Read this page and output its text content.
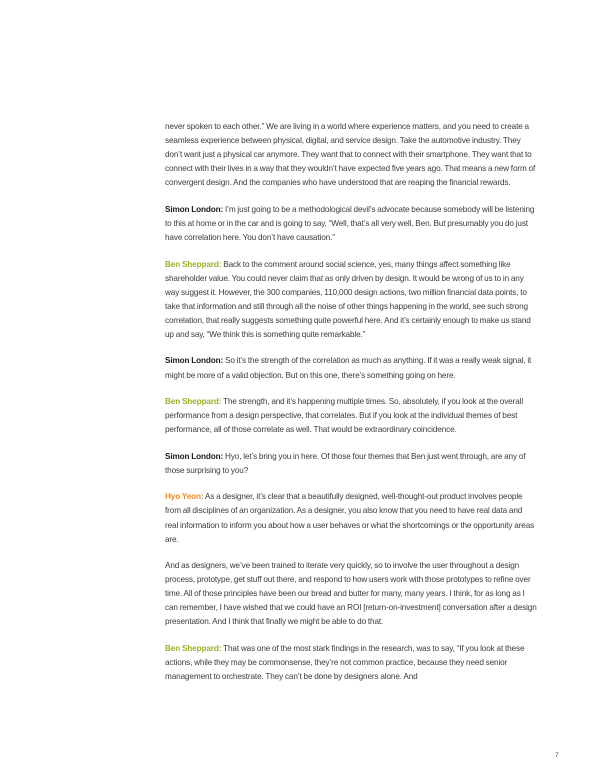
never spoken to each other.” We are living in a world where experience matters, and you need to create a seamless experience between physical, digital, and service design. Take the automotive industry. They don’t want just a physical car anymore. They want that to connect with their smartphone. They want that to connect with their lives in a way that they wouldn’t have expected five years ago. That means a new form of convergent design. And the companies who have understood that are reaping the financial rewards.

Simon London: I’m just going to be a methodological devil’s advocate because somebody will be listening to this at home or in the car and is going to say, “Well, that’s all very well, Ben. But presumably you do just have correlation here. You don’t have causation.”

Ben Sheppard: Back to the comment around social science, yes, many things affect something like shareholder value. You could never claim that as only driven by design. It would be wrong of us to in any way suggest it. However, the 300 companies, 110,000 design actions, two million financial data points, to take that information and still through all the noise of other things happening in the world, see such strong correlation, that really suggests something quite powerful here. And it’s certainly enough to make us stand up and say, “We think this is something quite remarkable.”

Simon London: So it’s the strength of the correlation as much as anything. If it was a really weak signal, it might be more of a valid objection. But on this one, there’s something going on here.

Ben Sheppard: The strength, and it’s happening multiple times. So, absolutely, if you look at the overall performance from a design perspective, that correlates. But if you look at the individual themes of best performance, all of those correlate as well. That would be extraordinary coincidence.

Simon London: Hyo, let’s bring you in here. Of those four themes that Ben just went through, are any of those surprising to you?

Hyo Yeon: As a designer, it’s clear that a beautifully designed, well-thought-out product involves people from all disciplines of an organization. As a designer, you also know that you need to have real data and real information to inform you about how a user behaves or what the shortcomings or the opportunity areas are.

And as designers, we’ve been trained to iterate very quickly, so to involve the user throughout a design process, prototype, get stuff out there, and respond to how users work with those prototypes to refine over time. All of those principles have been our bread and butter for many, many years. I think, for as long as I can remember, I have wished that we could have an ROI [return-on-investment] conversation after a design presentation. And I think that finally we might be able to do that.

Ben Sheppard: That was one of the most stark findings in the research, was to say, “If you look at these actions, while they may be commonsense, they’re not common practice, because they need senior management to orchestrate. They can’t be done by designers alone. And

7
